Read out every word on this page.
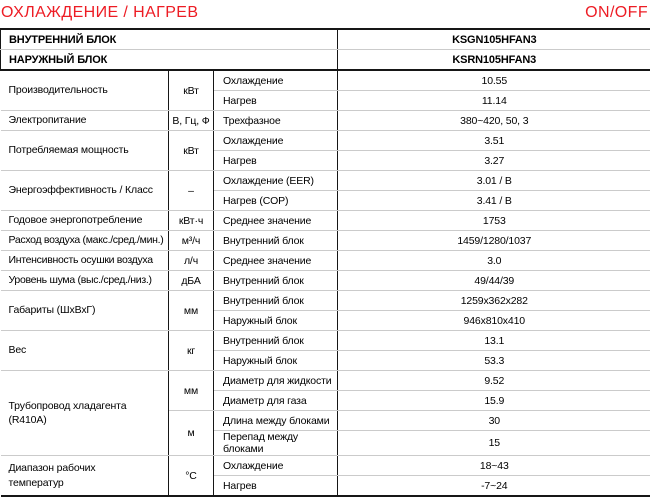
ОХЛАЖДЕНИЕ / НАГРЕВ	ON/OFF
ВНУТРЕННИЙ БЛОК			KSGN105HFAN3
НАРУЖНЫЙ БЛОК			KSRN105HFAN3
Производительность	кВт	Охлаждение	10.55
		Нагрев	11.14
Электропитание	В, Гц, Ф	Трехфазное	380~420, 50, 3
Потребляемая мощность	кВт	Охлаждение	3.51
		Нагрев	3.27
Энергоэффективность / Класс	–	Охлаждение (EER)	3.01 / В
		Нагрев (COP)	3.41 / В
Годовое энергопотребление	кВт·ч	Среднее значение	1753
Расход воздуха (макс./сред./мин.)	м³/ч	Внутренний блок	1459/1280/1037
Интенсивность осушки воздуха	л/ч	Среднее значение	3.0
Уровень шума (выс./сред./низ.)	дБА	Внутренний блок	49/44/39
Габариты (ШхВхГ)	мм	Внутренний блок	1259x362x282
		Наружный блок	946x810x410
Вес	кг	Внутренний блок	13.1
		Наружный блок	53.3
Трубопровод хладагента (R410A)	мм	Диаметр для жидкости	9.52
		Диаметр для газа	15.9
	м	Длина между блоками	30
		Перепад между блоками	15
Диапазон рабочих температур	°C	Охлаждение	18~43
		Нагрев	-7~24
